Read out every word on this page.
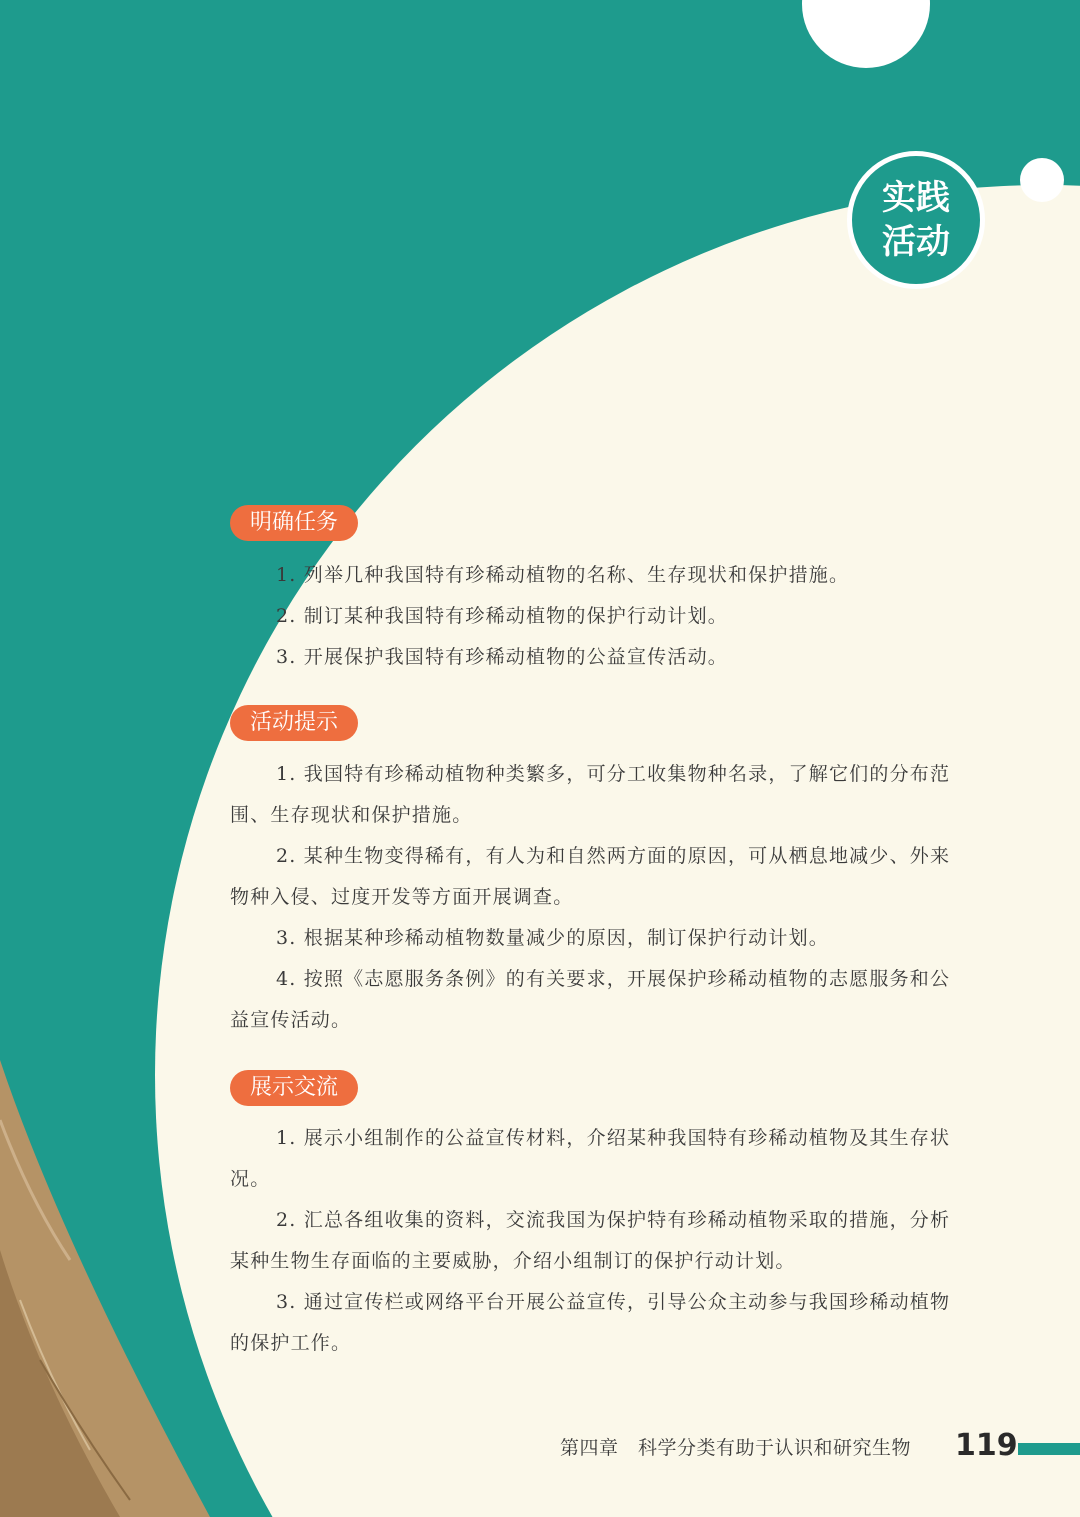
实践
活动
明确任务
1. 列举几种我国特有珍稀动植物的名称、生存现状和保护措施。
2. 制订某种我国特有珍稀动植物的保护行动计划。
3. 开展保护我国特有珍稀动植物的公益宣传活动。
活动提示
1. 我国特有珍稀动植物种类繁多，可分工收集物种名录，了解它们的分布范围、生存现状和保护措施。
2. 某种生物变得稀有，有人为和自然两方面的原因，可从栖息地减少、外来物种入侵、过度开发等方面开展调查。
3. 根据某种珍稀动植物数量减少的原因，制订保护行动计划。
4. 按照《志愿服务条例》的有关要求，开展保护珍稀动植物的志愿服务和公益宣传活动。
展示交流
1. 展示小组制作的公益宣传材料，介绍某种我国特有珍稀动植物及其生存状况。
2. 汇总各组收集的资料，交流我国为保护特有珍稀动植物采取的措施，分析某种生物生存面临的主要威胁，介绍小组制订的保护行动计划。
3. 通过宣传栏或网络平台开展公益宣传，引导公众主动参与我国珍稀动植物的保护工作。
第四章　科学分类有助于认识和研究生物 119
